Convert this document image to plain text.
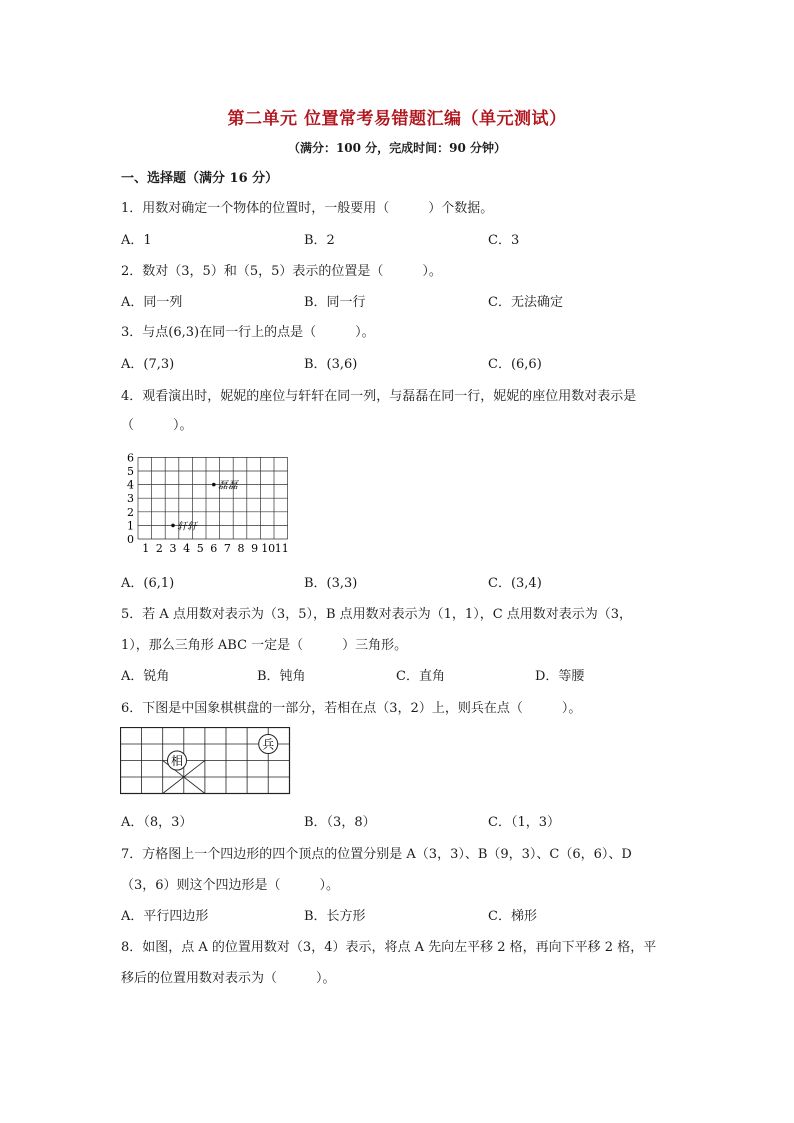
第二单元 位置常考易错题汇编（单元测试）
（满分：100 分，完成时间：90 分钟）
一、选择题（满分 16 分）
1．用数对确定一个物体的位置时，一般要用（　　　）个数据。
A．1	B．2	C．3
2．数对（3，5）和（5，5）表示的位置是（　　　）。
A．同一列	B．同一行	C．无法确定
3．与点(6,3)在同一行上的点是（　　　）。
A．(7,3)	B．(3,6)	C．(6,6)
4．观看演出时，妮妮的座位与轩轩在同一列，与磊磊在同一行，妮妮的座位用数对表示是
（　　　）。
0
1
2
3
4
5
6
1 2 3 4 5 6 7 8 9 10 11
轩轩
磊磊
A．(6,1)	B．(3,3)	C．(3,4)
5．若 A 点用数对表示为（3，5），B 点用数对表示为（1，1），C 点用数对表示为（3，
1），那么三角形 ABC 一定是（　　　）三角形。
A．锐角	B．钝角	C．直角	D．等腰
6．下图是中国象棋棋盘的一部分，若相在点（3，2）上，则兵在点（　　　）。
相
兵
A．（8，3）	B．（3，8）	C．（1，3）
7．方格图上一个四边形的四个顶点的位置分别是 A（3，3）、B（9，3）、C（6，6）、D
（3，6）则这个四边形是（　　　）。
A．平行四边形	B．长方形	C．梯形
8．如图，点 A 的位置用数对（3，4）表示，将点 A 先向左平移 2 格，再向下平移 2 格，平
移后的位置用数对表示为（　　　）。
